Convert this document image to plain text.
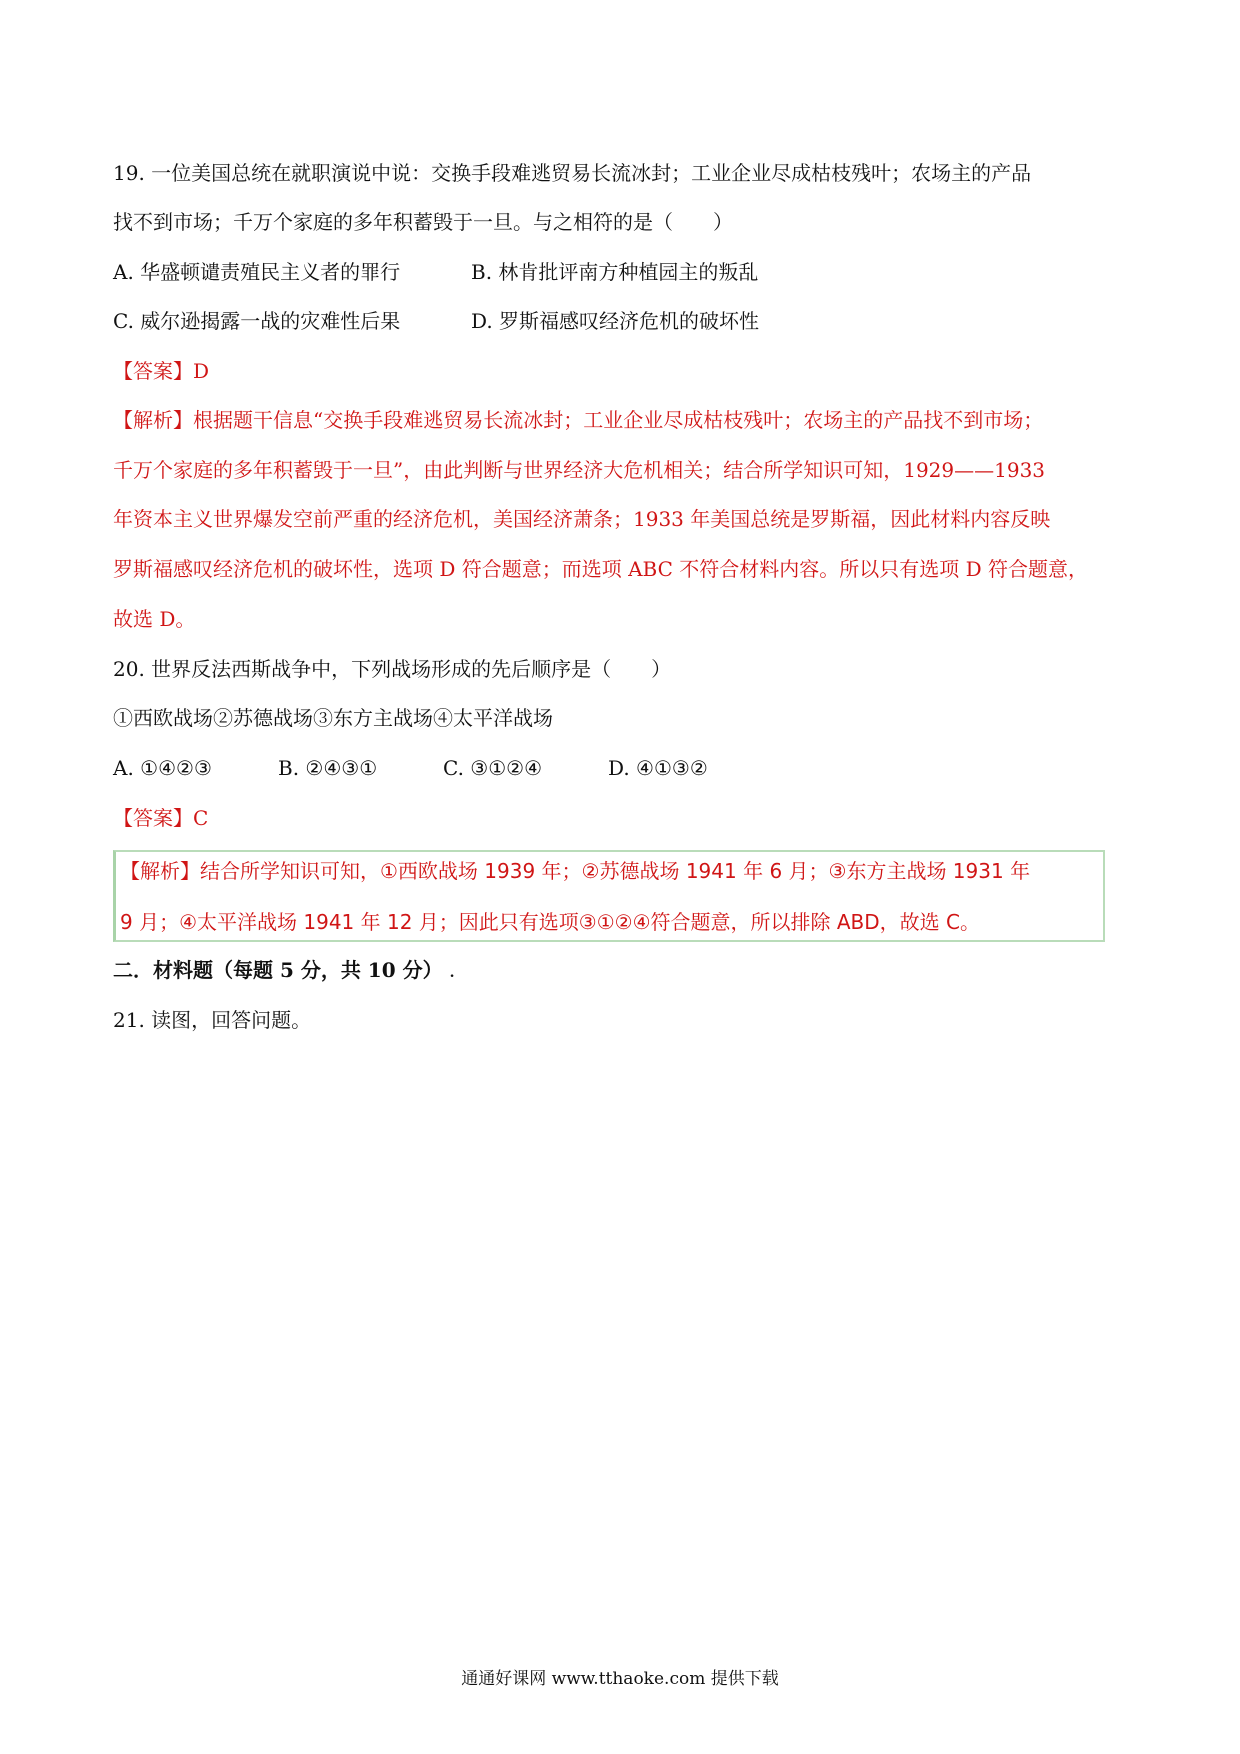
19. 一位美国总统在就职演说中说：交换手段难逃贸易长流冰封；工业企业尽成枯枝残叶；农场主的产品
找不到市场；千万个家庭的多年积蓄毁于一旦。与之相符的是（　　）
A. 华盛顿谴责殖民主义者的罪行	B. 林肯批评南方种植园主的叛乱
C. 威尔逊揭露一战的灾难性后果	D. 罗斯福感叹经济危机的破坏性
【答案】D
【解析】根据题干信息“交换手段难逃贸易长流冰封；工业企业尽成枯枝残叶；农场主的产品找不到市场；
千万个家庭的多年积蓄毁于一旦”，由此判断与世界经济大危机相关；结合所学知识可知，1929——1933
年资本主义世界爆发空前严重的经济危机，美国经济萧条；1933 年美国总统是罗斯福，因此材料内容反映
罗斯福感叹经济危机的破坏性，选项 D 符合题意；而选项 ABC 不符合材料内容。所以只有选项 D 符合题意，
故选 D。
20. 世界反法西斯战争中，下列战场形成的先后顺序是（　　）
①西欧战场②苏德战场③东方主战场④太平洋战场
A. ①④②③	B. ②④③①	C. ③①②④	D. ④①③②
【答案】C
【解析】结合所学知识可知，①西欧战场 1939 年；②苏德战场 1941 年 6 月；③东方主战场 1931 年
9 月；④太平洋战场 1941 年 12 月；因此只有选项③①②④符合题意，所以排除 ABD，故选 C。
二．材料题（每题 5 分，共 10 分） .
21. 读图，回答问题。
通通好课网 www.tthaoke.com 提供下载
